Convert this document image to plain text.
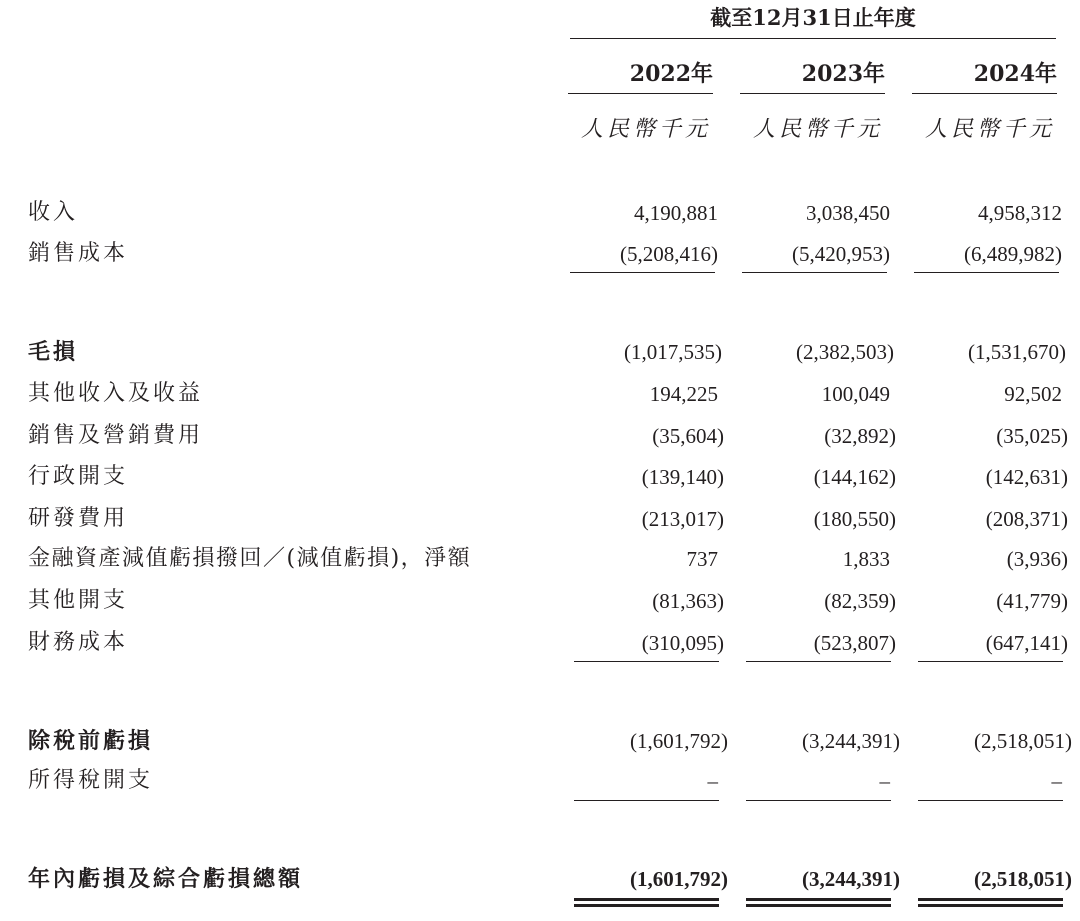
截至12月31日止年度
2022年	2023年	2024年
人民幣千元	人民幣千元	人民幣千元
收入	4,190,881	3,038,450	4,958,312
銷售成本	(5,208,416)	(5,420,953)	(6,489,982)
毛損	(1,017,535)	(2,382,503)	(1,531,670)
其他收入及收益	194,225	100,049	92,502
銷售及營銷費用	(35,604)	(32,892)	(35,025)
行政開支	(139,140)	(144,162)	(142,631)
研發費用	(213,017)	(180,550)	(208,371)
金融資產減值虧損撥回／(減值虧損)，淨額	737	1,833	(3,936)
其他開支	(81,363)	(82,359)	(41,779)
財務成本	(310,095)	(523,807)	(647,141)
除稅前虧損	(1,601,792)	(3,244,391)	(2,518,051)
所得稅開支	–	–	–
年內虧損及綜合虧損總額	(1,601,792)	(3,244,391)	(2,518,051)
